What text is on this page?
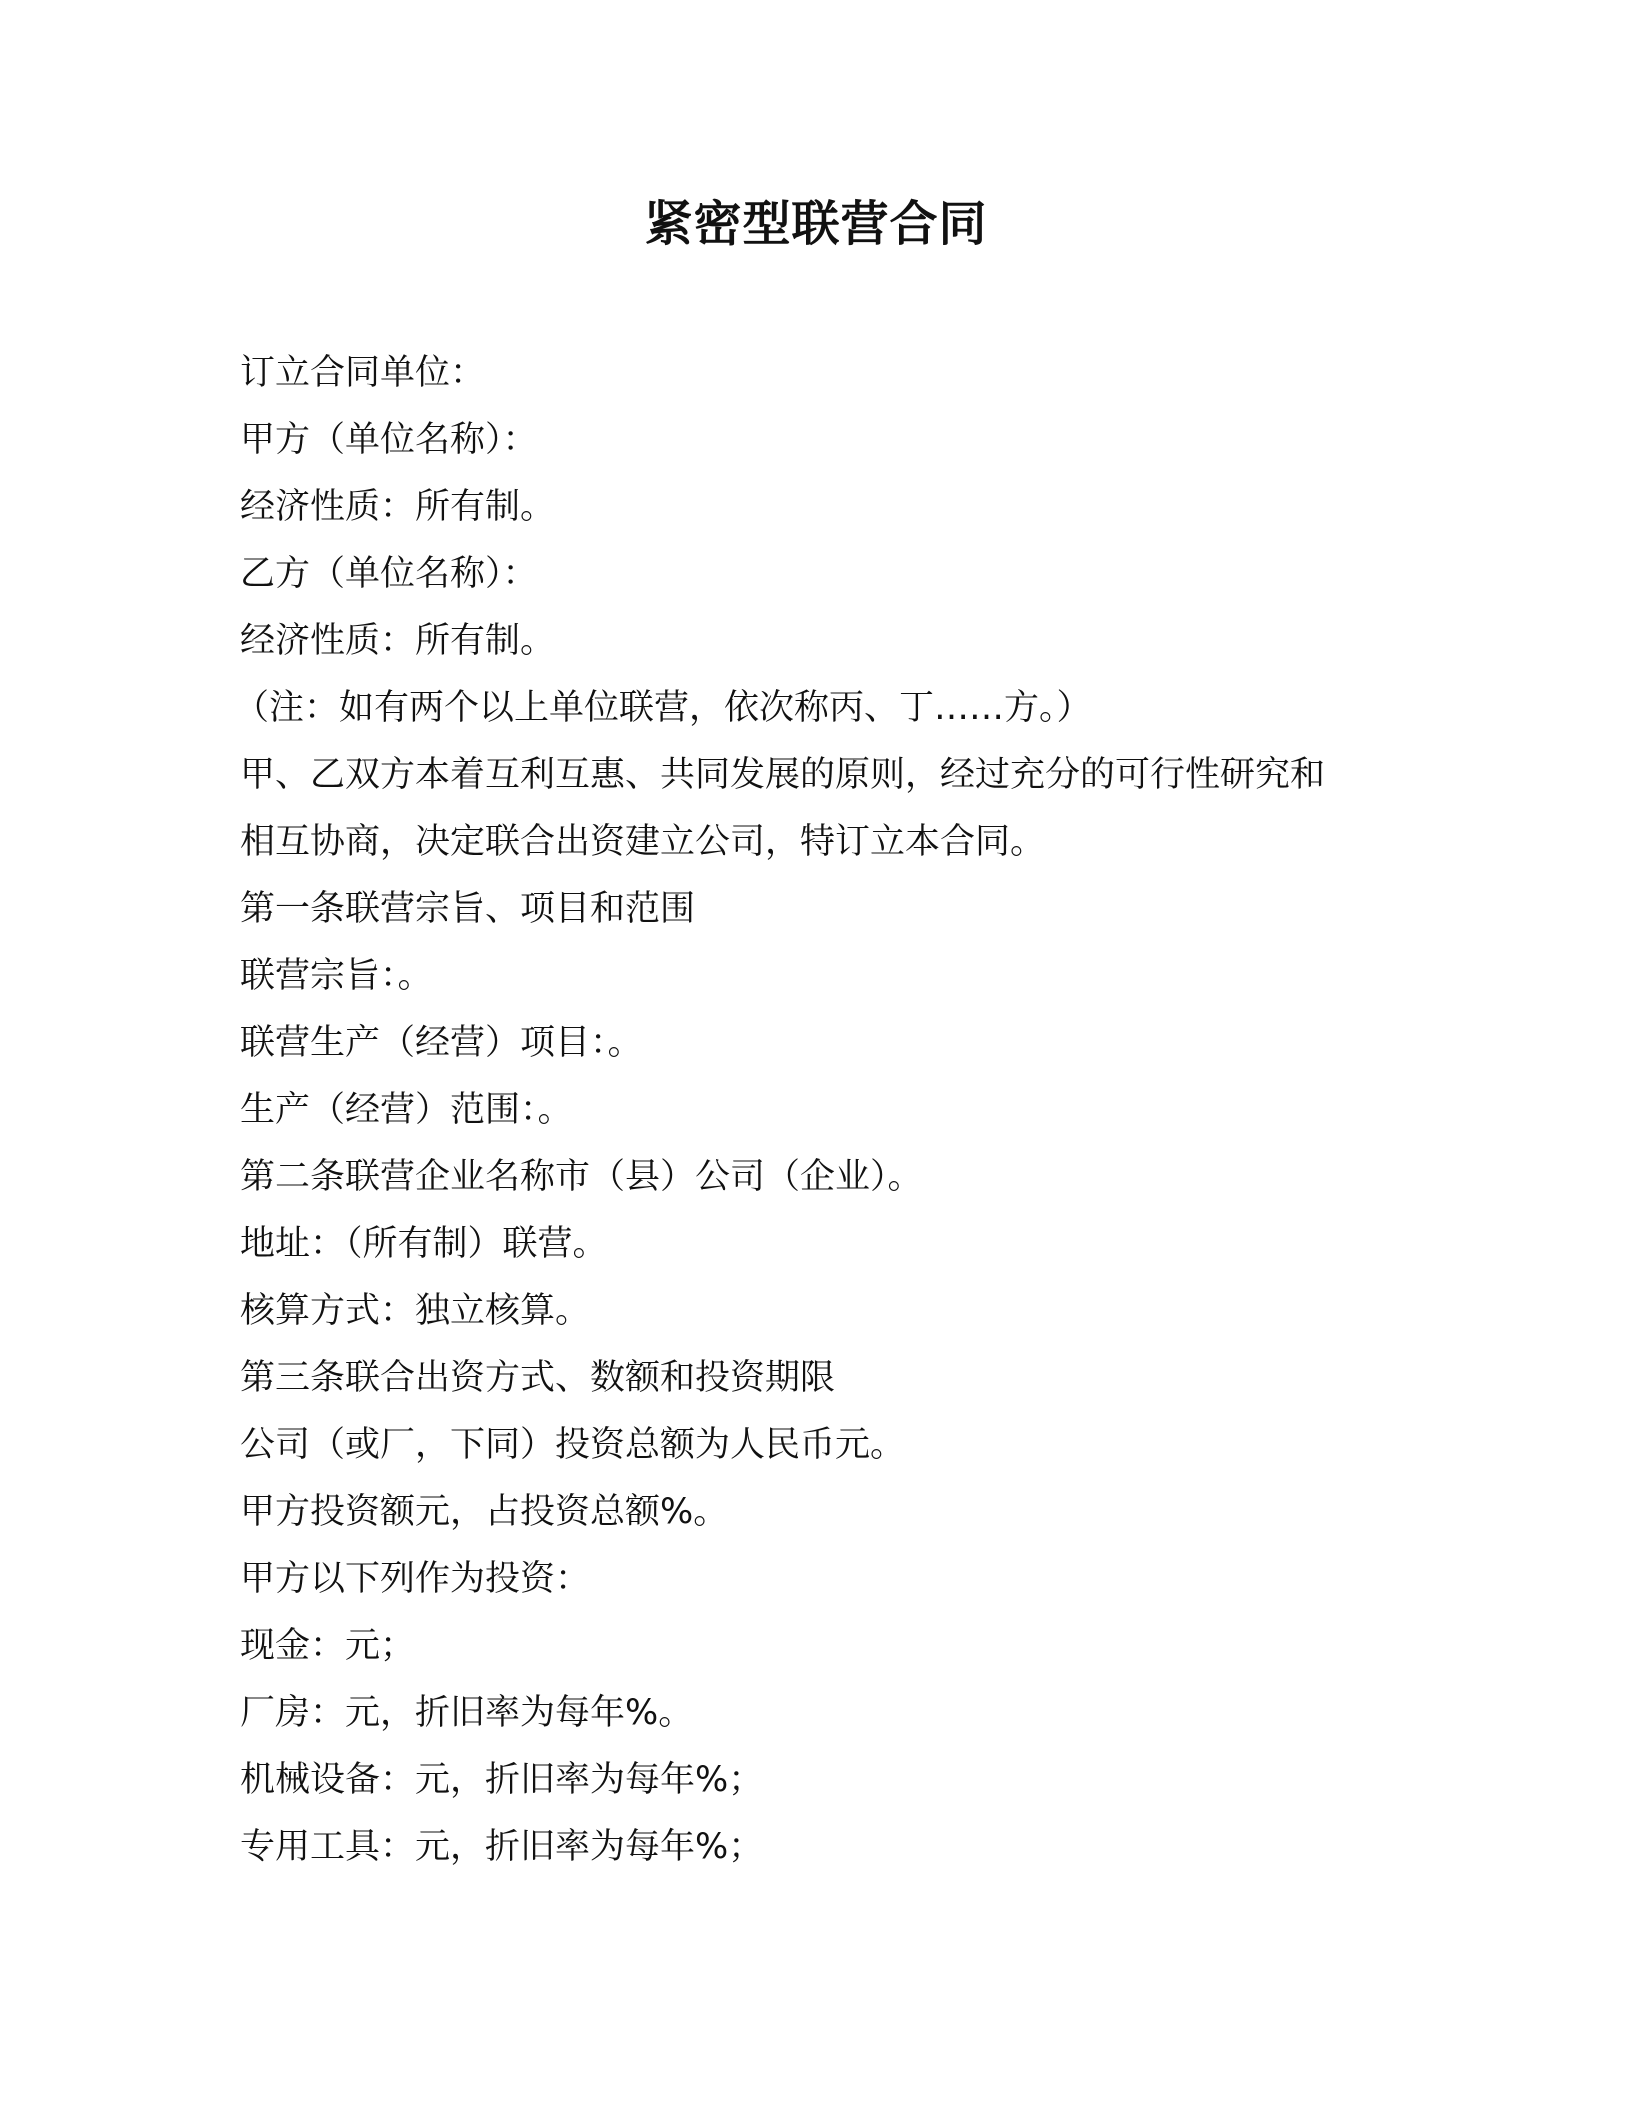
紧密型联营合同

订立合同单位：

甲方（单位名称）：

经济性质：所有制。

乙方（单位名称）：

经济性质：所有制。

（注：如有两个以上单位联营，依次称丙、丁……方。）

甲、乙双方本着互利互惠、共同发展的原则，经过充分的可行性研究和

相互协商，决定联合出资建立公司，特订立本合同。

第一条联营宗旨、项目和范围

联营宗旨：。

联营生产（经营）项目：。

生产（经营）范围：。

第二条联营企业名称市（县）公司（企业）。

地址：（所有制）联营。

核算方式：独立核算。

第三条联合出资方式、数额和投资期限

公司（或厂，下同）投资总额为人民币元。

甲方投资额元，占投资总额%。

甲方以下列作为投资：

现金：元；

厂房：元，折旧率为每年%。

机械设备：元，折旧率为每年%；

专用工具：元，折旧率为每年%；
